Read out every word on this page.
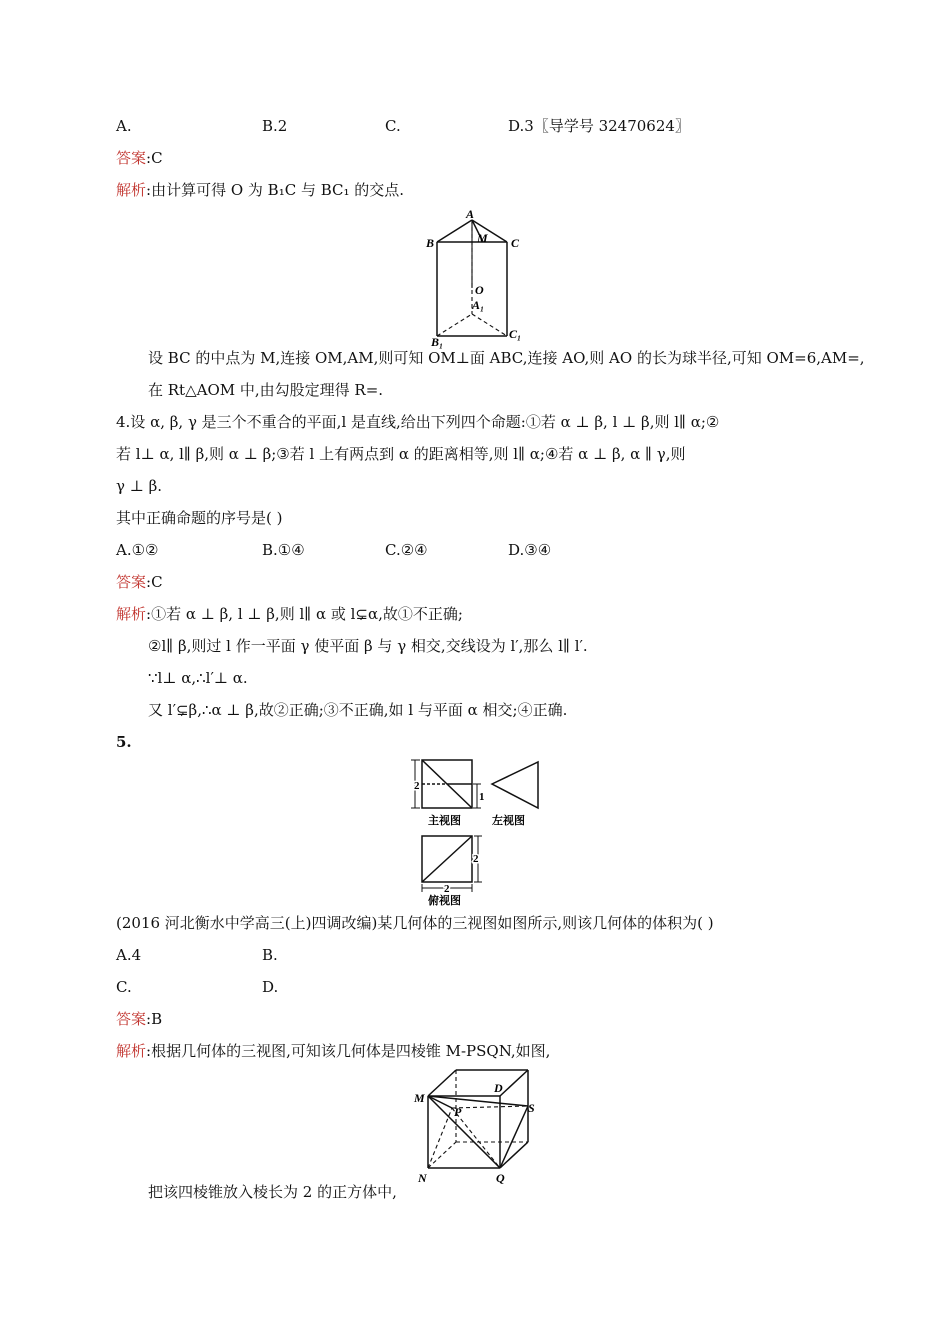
A.	B.2	C.	D.3〖导学号 32470624〗
答案:C
解析:由计算可得 O 为 B₁C 与 BC₁ 的交点.
A
B	M C
O
A₁
B₁
C₁
设 BC 的中点为 M,连接 OM,AM,则可知 OM⊥面 ABC,连接 AO,则 AO 的长为球半径,可知 OM=6,AM=,
在 Rt△AOM 中,由勾股定理得 R=.
4.设 α, β, γ 是三个不重合的平面,l 是直线,给出下列四个命题:①若 α ⊥ β, l ⊥ β,则 l∥ α;②
若 l⊥ α, l∥ β,则 α ⊥ β;③若 l 上有两点到 α 的距离相等,则 l∥ α;④若 α ⊥ β, α ∥ γ,则
γ ⊥ β.
其中正确命题的序号是( )
A.①②	B.①④	C.②④	D.③④
答案:C
解析:①若 α ⊥ β, l ⊥ β,则 l∥ α 或 l⊊α,故①不正确;
②l∥ β,则过 l 作一平面 γ 使平面 β 与 γ 相交,交线设为 l′,那么 l∥ l′.
∵l⊥ α,∴l′⊥ α.
又 l′⊊β,∴α ⊥ β,故②正确;③不正确,如 l 与平面 α 相交;④正确.
5.
2
1
2
2
主视图	左视图
俯视图
(2016 河北衡水中学高三(上)四调改编)某几何体的三视图如图所示,则该几何体的体积为( )
A.4	B.
C.	D.
答案:B
解析:根据几何体的三视图,可知该几何体是四棱锥 M-PSQN,如图,
M
D
P	S
N	Q
把该四棱锥放入棱长为 2 的正方体中,
